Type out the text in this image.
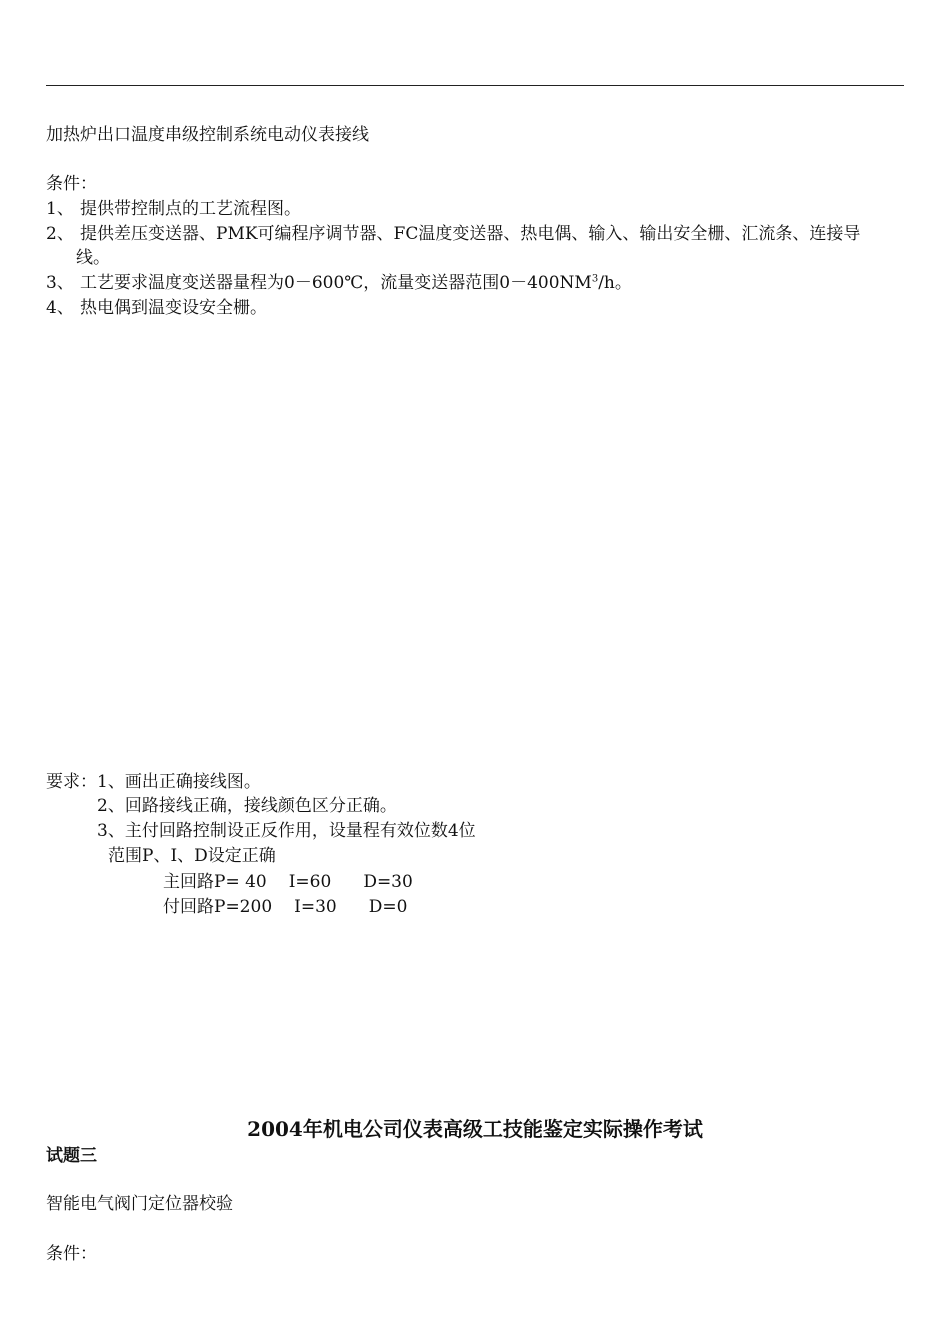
加热炉出口温度串级控制系统电动仪表接线
条件：
1、 提供带控制点的工艺流程图。
2、 提供差压变送器、PMK可编程序调节器、FC温度变送器、热电偶、输入、输出安全栅、汇流条、连接导
线。
3、 工艺要求温度变送器量程为0－600℃，流量变送器范围$0-400NM^3/h$。
4、 热电偶到温变设安全栅。
要求：1、画出正确接线图。
2、回路接线正确，接线颜色区分正确。
3、主付回路控制设正反作用，设量程有效位数4位
范围P、I、D设定正确
主回路P= 40 I=60 D=30
付回路P=200 I=30 D=0
2004年机电公司仪表高级工技能鉴定实际操作考试
试题三
智能电气阀门定位器校验
条件：
